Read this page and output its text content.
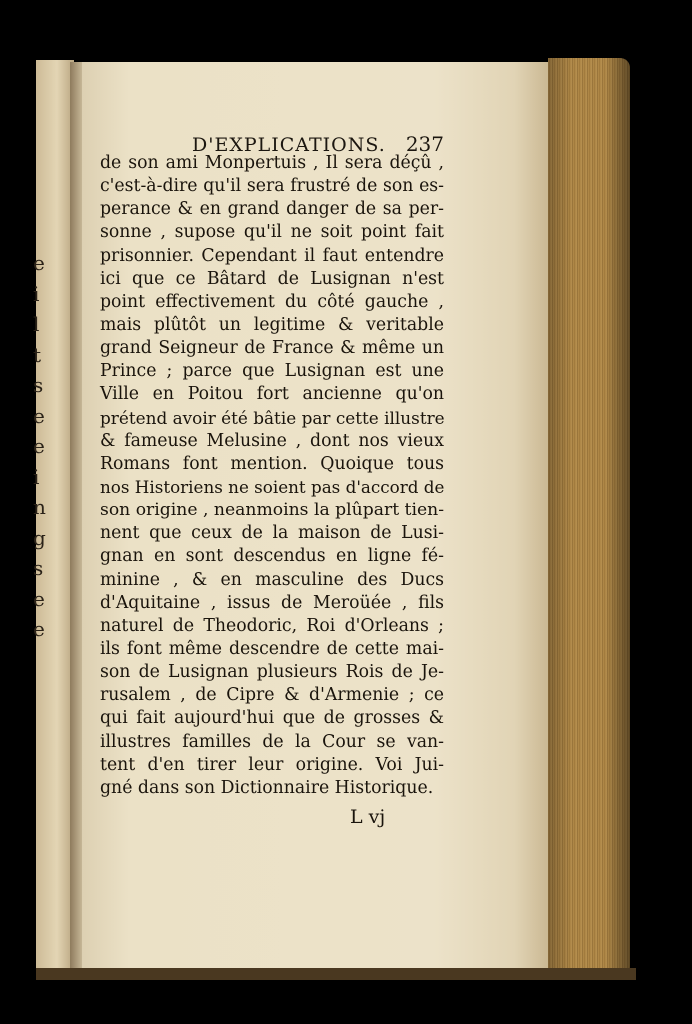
e
i
l
t
s
e
e
i
n
g
s
e
e
D'EXPLICATIONS. 237
de son ami Monpertuis , Il sera déçû ,
c'est-à-dire qu'il sera frustré de son es-
perance & en grand danger de sa per-
sonne , supose qu'il ne soit point fait
prisonnier. Cependant il faut entendre
ici que ce Bâtard de Lusignan n'est
point effectivement du côté gauche ,
mais plûtôt un legitime & veritable
grand Seigneur de France & même un
Prince ; parce que Lusignan est une
Ville en Poitou fort ancienne qu'on
prétend avoir été bâtie par cette illustre
& fameuse Melusine , dont nos vieux
Romans font mention. Quoique tous
nos Historiens ne soient pas d'accord de
son origine , neanmoins la plûpart tien-
nent que ceux de la maison de Lusi-
gnan en sont descendus en ligne fé-
minine , & en masculine des Ducs
d'Aquitaine , issus de Meroüée , fils
naturel de Theodoric, Roi d'Orleans ;
ils font même descendre de cette mai-
son de Lusignan plusieurs Rois de Je-
rusalem , de Cipre & d'Armenie ; ce
qui fait aujourd'hui que de grosses &
illustres familles de la Cour se van-
tent d'en tirer leur origine. Voi Jui-
gné dans son Dictionnaire Historique.
L vj
